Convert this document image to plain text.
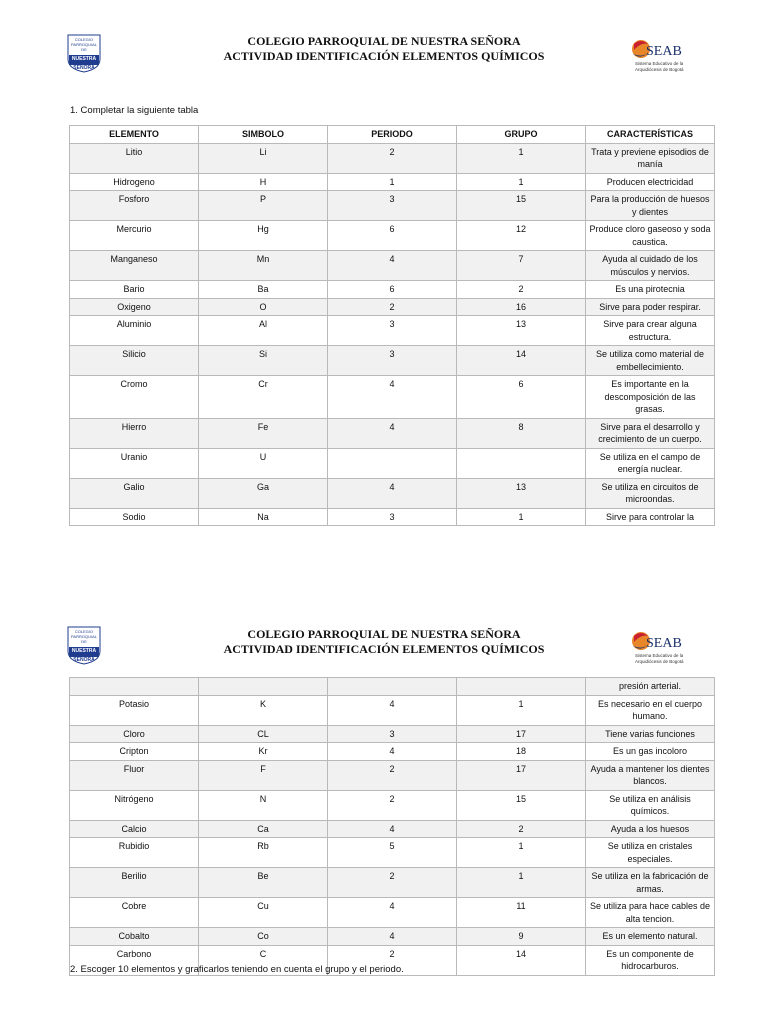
COLEGIO
PARROQUIAL
DE
NUESTRA
SEÑORA
COLEGIO PARROQUIAL DE NUESTRA SEÑORA
ACTIVIDAD IDENTIFICACIÓN ELEMENTOS QUÍMICOS	SEAB
Sistema Educativo de la
Arquidiócesis de Bogotá
1. Completar la siguiente tabla
ELEMENTO	SIMBOLO	PERIODO	GRUPO	CARACTERÍSTICAS
Litio	Li	2	1	Trata y previene episodios de manía
Hidrogeno	H	1	1	Producen electricidad
Fosforo	P	3	15	Para la producción de huesos y dientes
Mercurio	Hg	6	12	Produce cloro gaseoso y soda caustica.
Manganeso	Mn	4	7	Ayuda al cuidado de los músculos y nervios.
Bario	Ba	6	2	Es una pirotecnia
Oxigeno	O	2	16	Sirve para poder respirar.
Aluminio	Al	3	13	Sirve para crear alguna estructura.
Silicio	Si	3	14	Se utiliza como material de embellecimiento.
Cromo	Cr	4	6	Es importante en la descomposición de las grasas.
Hierro	Fe	4	8	Sirve para el desarrollo y crecimiento de un cuerpo.
Uranio	U			Se utiliza en el campo de energía nuclear.
Galio	Ga	4	13	Se utiliza en circuitos de microondas.
Sodio	Na	3	1	Sirve para controlar la
COLEGIO
PARROQUIAL
DE
NUESTRA
SEÑORA
SEAB
Sistema Educativo de la
Arquidiócesis de Bogotá
COLEGIO PARROQUIAL DE NUESTRA SEÑORA
ACTIVIDAD IDENTIFICACIÓN ELEMENTOS QUÍMICOS
				presión arterial.
Potasio	K	4	1	Es necesario en el cuerpo humano.
Cloro	CL	3	17	Tiene varias funciones
Cripton	Kr	4	18	Es un gas incoloro
Fluor	F	2	17	Ayuda a mantener los dientes blancos.
Nitrógeno	N	2	15	Se utiliza en análisis químicos.
Calcio	Ca	4	2	Ayuda a los huesos
Rubidio	Rb	5	1	Se utiliza en cristales especiales.
Berilio	Be	2	1	Se utiliza en la fabricación de armas.
Cobre	Cu	4	11	Se utiliza para hace cables de alta tencion.
Cobalto	Co	4	9	Es un elemento natural.
Carbono	C	2	14	Es un componente de hidrocarburos.
2. Escoger 10 elementos y graficarlos teniendo en cuenta el grupo y el periodo.
